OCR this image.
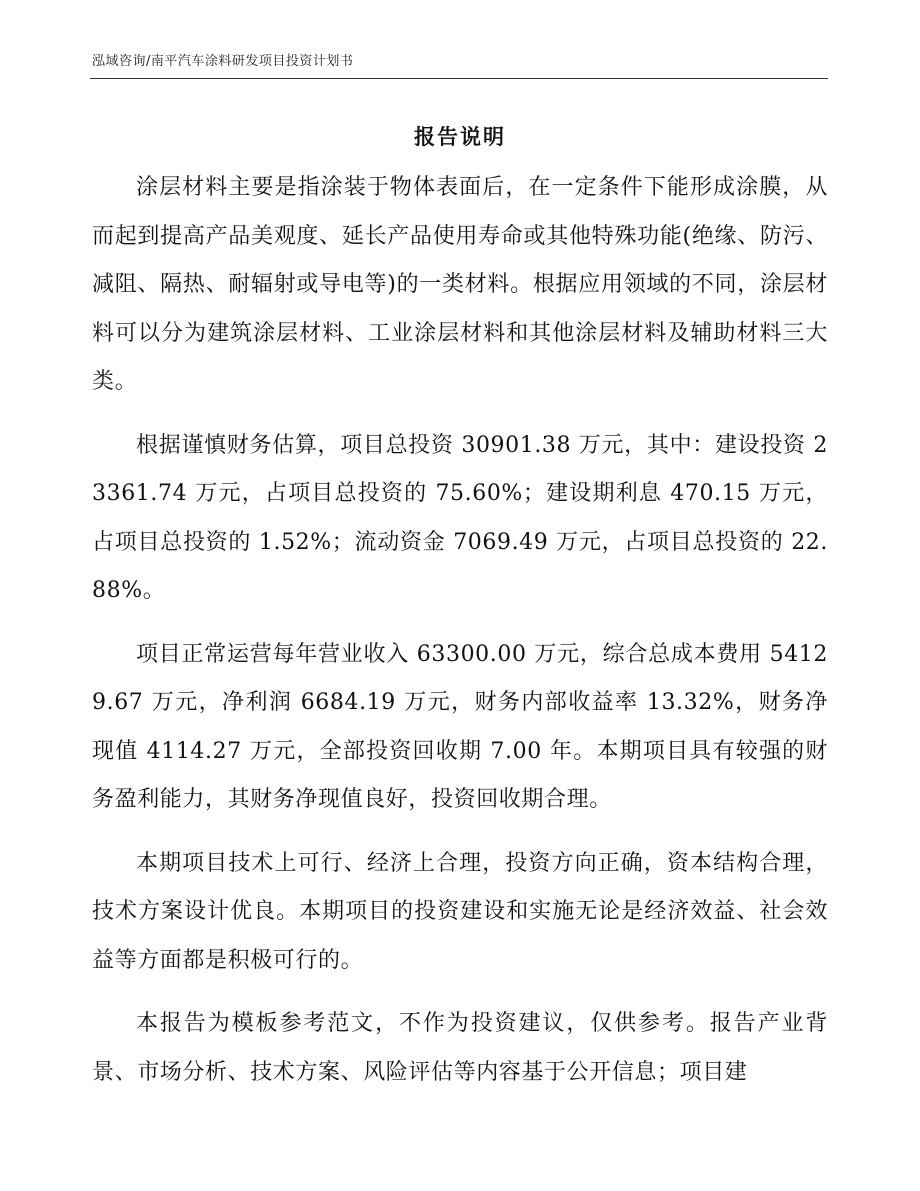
泓域咨询/南平汽车涂料研发项目投资计划书
报告说明

涂层材料主要是指涂装于物体表面后，在一定条件下能形成涂膜，从而起到提高产品美观度、延长产品使用寿命或其他特殊功能(绝缘、防污、减阻、隔热、耐辐射或导电等)的一类材料。根据应用领域的不同，涂层材料可以分为建筑涂层材料、工业涂层材料和其他涂层材料及辅助材料三大类。

根据谨慎财务估算，项目总投资 30901.38 万元，其中：建设投资 23361.74 万元，占项目总投资的 75.60%；建设期利息 470.15 万元，占项目总投资的 1.52%；流动资金 7069.49 万元，占项目总投资的 22.88%。

项目正常运营每年营业收入 63300.00 万元，综合总成本费用 54129.67 万元，净利润 6684.19 万元，财务内部收益率 13.32%，财务净现值 4114.27 万元，全部投资回收期 7.00 年。本期项目具有较强的财务盈利能力，其财务净现值良好，投资回收期合理。

本期项目技术上可行、经济上合理，投资方向正确，资本结构合理，技术方案设计优良。本期项目的投资建设和实施无论是经济效益、社会效益等方面都是积极可行的。

本报告为模板参考范文，不作为投资建议，仅供参考。报告产业背景、市场分析、技术方案、风险评估等内容基于公开信息；项目建
